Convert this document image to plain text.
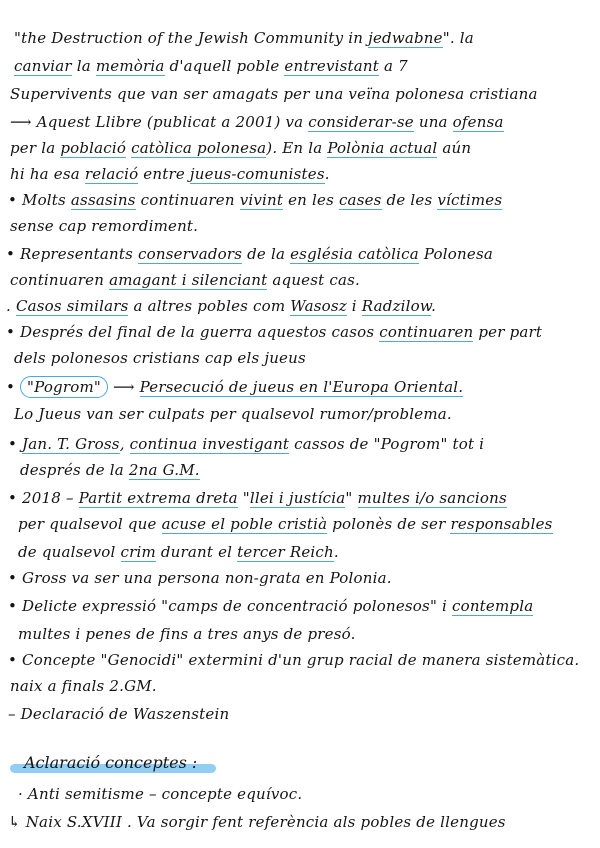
"the Destruction of the Jewish Community in jedwabne". la
canviar la memòria d'aquell poble entrevistant a 7
Supervivents que van ser amagats per una veïna polonesa cristiana
⟶ Aquest Llibre (publicat a 2001) va considerar-se una ofensa
per la població catòlica polonesa). En la Polònia actual aún
hi ha esa relació entre jueus-comunistes.
• Molts assasins continuaren vivint en les cases de les víctimes
sense cap remordiment.
• Representants conservadors de la església catòlica Polonesa
continuaren amagant i silenciant aquest cas.
. Casos similars a altres pobles com Wasosz i Radzilow.
• Després del final de la guerra aquestos casos continuaren per part
dels polonesos cristians cap els jueus
• "Pogrom" ⟶ Persecució de jueus en l'Europa Oriental.
Lo Jueus van ser culpats per qualsevol rumor/problema.
• Jan. T. Gross, continua investigant cassos de "Pogrom" tot i
després de la 2na G.M.
• 2018 – Partit extrema dreta "llei i justícia" multes i/o sancions
per qualsevol que acuse el poble cristià polonès de ser responsables
de qualsevol crim durant el tercer Reich.
• Gross va ser una persona non-grata en Polonia.
• Delicte expressió "camps de concentració polonesos" i contempla
multes i penes de fins a tres anys de presó.
• Concepte "Genocidi" extermini d'un grup racial de manera sistemàtica.
naix a finals 2.GM.
– Declaració de Waszenstein
Aclaració conceptes :
· Anti semitisme – concepte equívoc.
↳ Naix S.XVIII . Va sorgir fent referència als pobles de llengues
